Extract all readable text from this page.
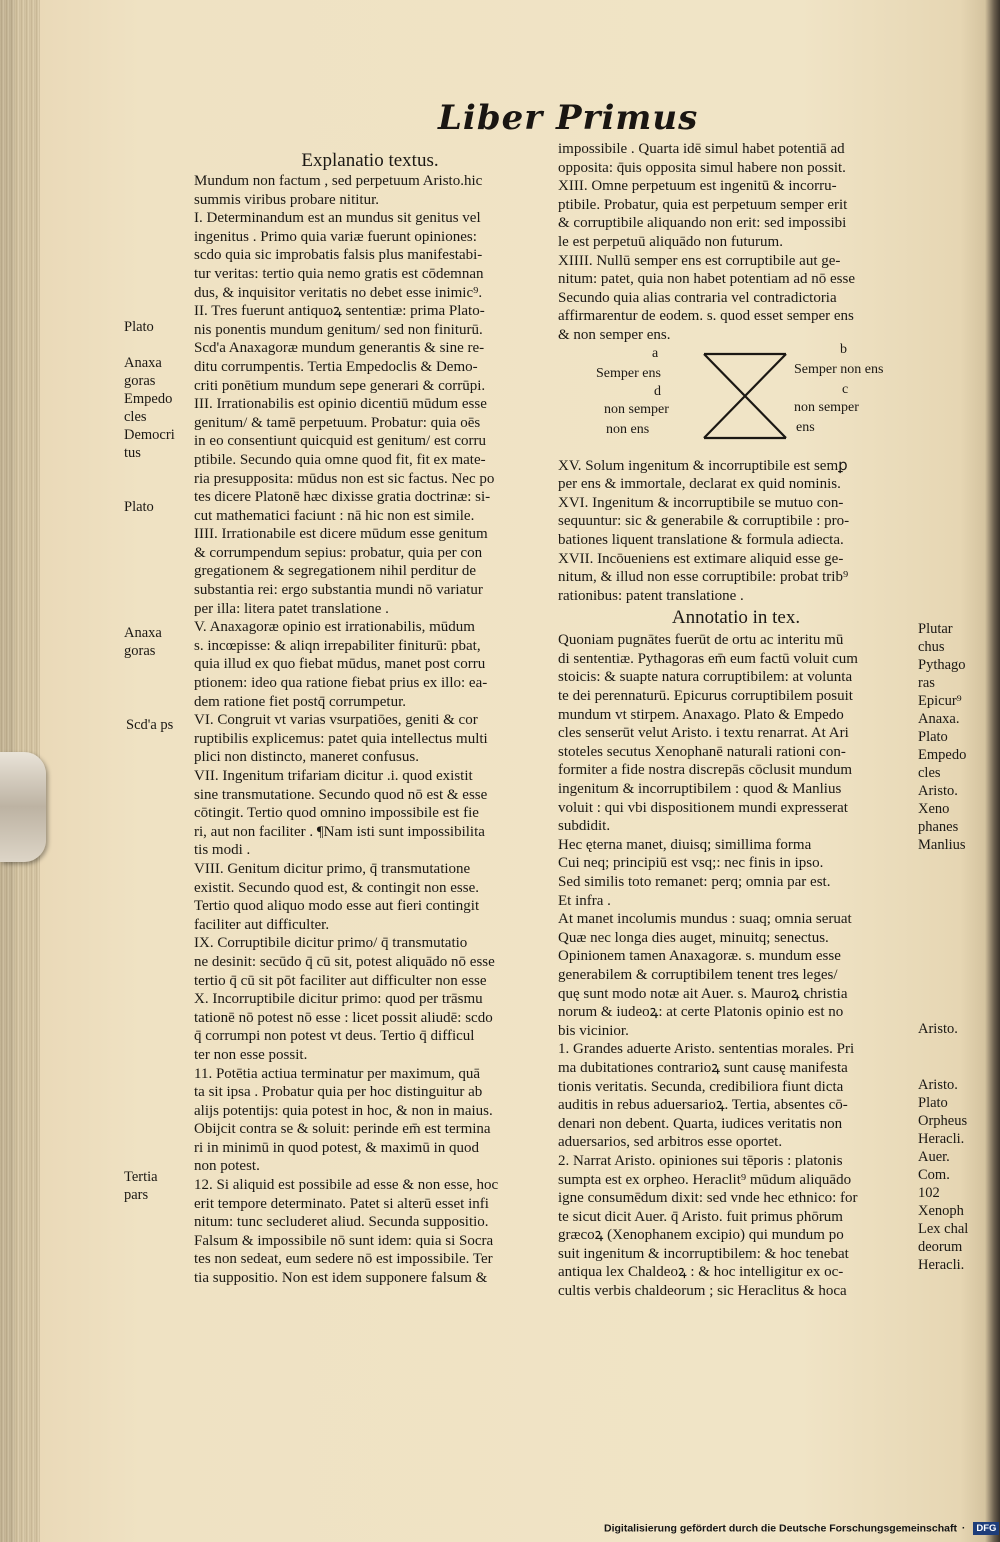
Liber Primus
Explanatio textus.
Mundum non factum , sed perpetuum Aristo.hic
summis viribus probare nititur.
I. Determinandum est an mundus sit genitus vel
ingenitus . Primo quia variæ fuerunt opiniones:
scdo quia sic improbatis falsis plus manifestabi-
tur veritas: tertio quia nemo gratis est cōdemnan
dus, & inquisitor veritatis no debet esse inimic⁹.
II. Tres fuerunt antiquoꝝ sententiæ: prima Plato-
nis ponentis mundum genitum/ sed non finiturū.
Scd'a Anaxagoræ mundum generantis & sine re-
ditu corrumpentis. Tertia Empedoclis & Demo-
criti ponētium mundum sepe generari & corrūpi.
III. Irrationabilis est opinio dicentiū mūdum esse
genitum/ & tamē perpetuum. Probatur: quia oēs
in eo consentiunt quicquid est genitum/ est corru
ptibile. Secundo quia omne quod fit, fit ex mate-
ria presupposita: mūdus non est sic factus. Nec po
tes dicere Platonē hæc dixisse gratia doctrinæ: si-
cut mathematici faciunt : nā hic non est simile.
IIII. Irrationabile est dicere mūdum esse genitum
& corrumpendum sepius: probatur, quia per con
gregationem & segregationem nihil perditur de
substantia rei: ergo substantia mundi nō variatur
per illa: litera patet translatione .
V. Anaxagoræ opinio est irrationabilis, mūdum
s. incœpisse: & aliqn irrepabiliter finiturū: pbat,
quia illud ex quo fiebat mūdus, manet post corru
ptionem: ideo qua ratione fiebat prius ex illo: ea-
dem ratione fiet postq̄ corrumpetur.
VI. Congruit vt varias vsurpatiōes, geniti & cor
ruptibilis explicemus: patet quia intellectus multi
plici non distincto, maneret confusus.
VII. Ingenitum trifariam dicitur .i. quod existit
sine transmutatione. Secundo quod nō est & esse
cōtingit. Tertio quod omnino impossibile est fie
ri, aut non faciliter . ¶Nam isti sunt impossibilita
tis modi .
VIII. Genitum dicitur primo, q̄ transmutatione
existit. Secundo quod est, & contingit non esse.
Tertio quod aliquo modo esse aut fieri contingit
faciliter aut difficulter.
IX. Corruptibile dicitur primo/ q̄ transmutatio
ne desinit: secūdo q̄ cū sit, potest aliquādo nō esse
tertio q̄ cū sit pōt faciliter aut difficulter non esse
X. Incorruptibile dicitur primo: quod per trāsmu
tationē nō potest nō esse : licet possit aliudē: scdo
q̄ corrumpi non potest vt deus. Tertio q̄ difficul
ter non esse possit.
11. Potētia actiua terminatur per maximum, quā
ta sit ipsa . Probatur quia per hoc distinguitur ab
alijs potentijs: quia potest in hoc, & non in maius.
Obijcit contra se & soluit: perinde em̄ est termina
ri in minimū in quod potest, & maximū in quod
non potest.
12. Si aliquid est possibile ad esse & non esse, hoc
erit tempore determinato. Patet si alterū esset infi
nitum: tunc secluderet aliud. Secunda suppositio.
Falsum & impossibile nō sunt idem: quia si Socra
tes non sedeat, eum sedere nō est impossibile. Ter
tia suppositio. Non est idem supponere falsum &
impossibile . Quarta idē simul habet potentiā ad
opposita: q̄uis opposita simul habere non possit.
XIII. Omne perpetuum est ingenitū & incorru-
ptibile. Probatur, quia est perpetuum semper erit
& corruptibile aliquando non erit: sed impossibi
le est perpetuū aliquādo non futurum.
XIIII. Nullū semper ens est corruptibile aut ge-
nitum: patet, quia non habet potentiam ad nō esse
Secundo quia alias contraria vel contradictoria
affirmarentur de eodem. s. quod esset semper ens
& non semper ens.
XV. Solum ingenitum & incorruptibile est semꝑ
per ens & immortale, declarat ex quid nominis.
XVI. Ingenitum & incorruptibile se mutuo con-
sequuntur: sic & generabile & corruptibile : pro-
bationes liquent translatione & formula adiecta.
XVII. Incōueniens est extimare aliquid esse ge-
nitum, & illud non esse corruptibile: probat trib⁹
rationibus: patent translatione .
Annotatio in tex.
Quoniam pugnātes fuerūt de ortu ac interitu mū
di sententiæ. Pythagoras em̄ eum factū voluit cum
stoicis: & suapte natura corruptibilem: at volunta
te dei perennaturū. Epicurus corruptibilem posuit
mundum vt stirpem. Anaxago. Plato & Empedo
cles senserūt velut Aristo. i textu renarrat. At Ari
stoteles secutus Xenophanē naturali rationi con-
formiter a fide nostra discrepās cōclusit mundum
ingenitum & incorruptibilem : quod & Manlius
voluit : qui vbi dispositionem mundi expresserat
subdidit.
Hec ęterna manet, diuisq; simillima forma
Cui neq; principiū est vsq;: nec finis in ipso.
Sed similis toto remanet: perq; omnia par est.
Et infra .
At manet incolumis mundus : suaq; omnia seruat
Quæ nec longa dies auget, minuitq; senectus.
Opinionem tamen Anaxagoræ. s. mundum esse
generabilem & corruptibilem tenent tres leges/
quę sunt modo notæ ait Auer. s. Mauroꝝ christia
norum & iudeoꝝ: at certe Platonis opinio est no
bis vicinior.
1. Grandes aduerte Aristo. sententias morales. Pri
ma dubitationes contrarioꝝ sunt causę manifesta
tionis veritatis. Secunda, credibiliora fiunt dicta
auditis in rebus aduersarioꝝ. Tertia, absentes cō-
denari non debent. Quarta, iudices veritatis non
aduersarios, sed arbitros esse oportet.
2. Narrat Aristo. opiniones sui tēporis : platonis
sumpta est ex orpheo. Heraclit⁹ mūdum aliquādo
igne consumēdum dixit: sed vnde hec ethnico: for
te sicut dicit Auer. q̄ Aristo. fuit primus phōrum
græcoꝝ (Xenophanem excipio) qui mundum po
suit ingenitum & incorruptibilem: & hoc tenebat
antiqua lex Chaldeoꝝ : & hoc intelligitur ex oc-
cultis verbis chaldeorum ; sic Heraclitus & hoca
a	b
Semper ens	Semper non ens
d	c
non semper	non semper
non ens	ens
Plato
Anaxa
goras
Empedo
cles
Democri
tus
Plato
Anaxa
goras
Scd'a ps
Tertia
pars
Plutar
chus
Pythago
ras
Epicur⁹
Anaxa.
Plato
Empedo
cles
Aristo.
Xeno
phanes
Manlius
Aristo.
Aristo.
Plato
Orpheus
Heracli.
Auer.
Com.
102
Xenoph
Lex chal
deorum
Heracli.
Digitalisierung gefördert durch die Deutsche Forschungsgemeinschaft · DFG
